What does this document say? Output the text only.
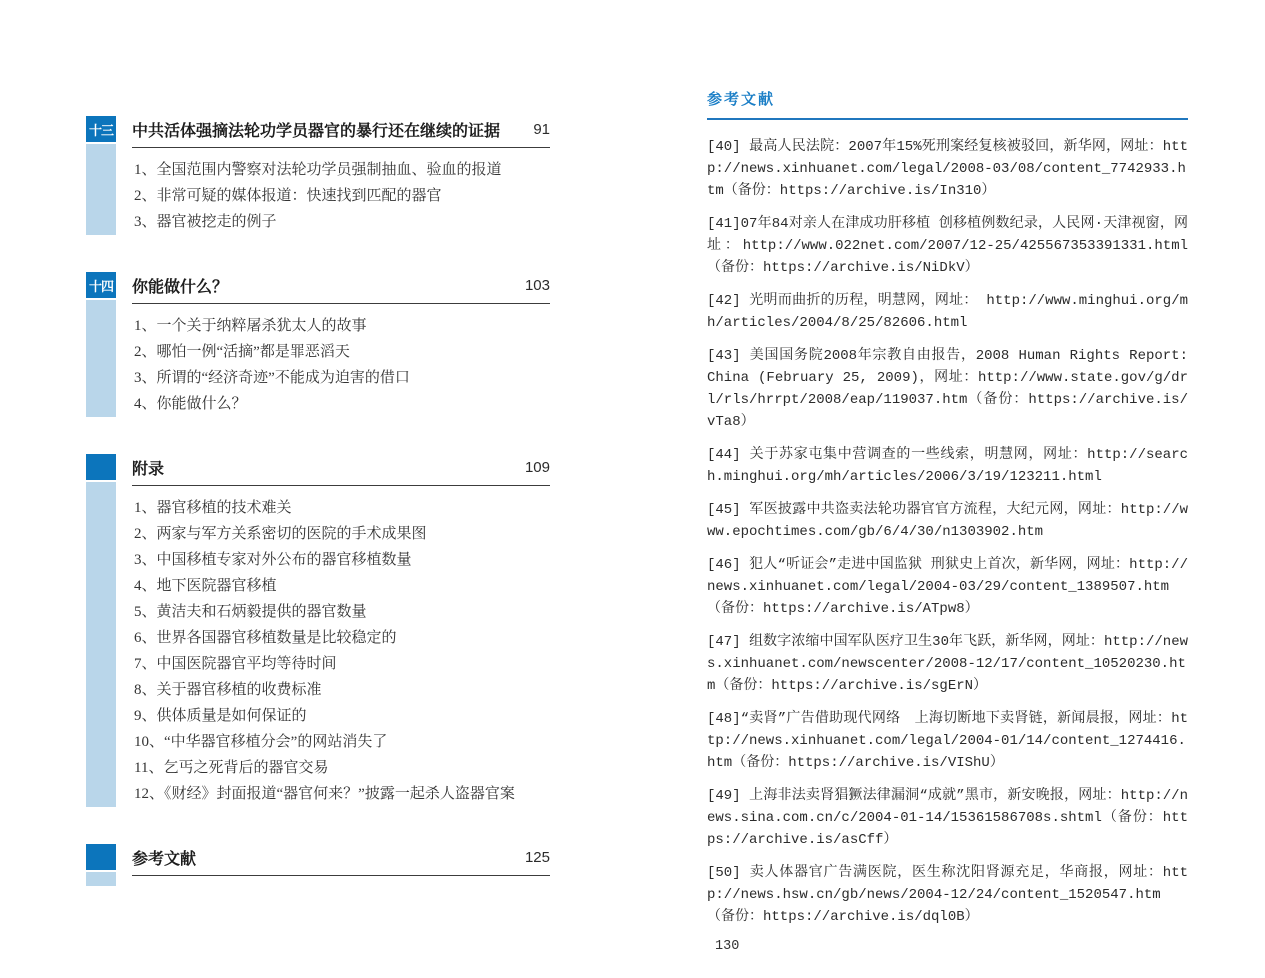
十三 中共活体强摘法轮功学员器官的暴行还在继续的证据 91
1、全国范围内警察对法轮功学员强制抽血、验血的报道
2、非常可疑的媒体报道：快速找到匹配的器官
3、器官被挖走的例子
十四 你能做什么？	103
1、一个关于纳粹屠杀犹太人的故事
2、哪怕一例“活摘”都是罪恶滔天
3、所谓的“经济奇迹”不能成为迫害的借口
4、你能做什么？
附录	109
1、器官移植的技术难关
2、两家与军方关系密切的医院的手术成果图
3、中国移植专家对外公布的器官移植数量
4、地下医院器官移植
5、黄洁夫和石炳毅提供的器官数量
6、世界各国器官移植数量是比较稳定的
7、中国医院器官平均等待时间
8、关于器官移植的收费标准
9、供体质量是如何保证的
10、“中华器官移植分会”的网站消失了
11、乞丐之死背后的器官交易
12、《财经》封面报道“器官何来？”披露一起杀人盗器官案
参考文献	125
参考文献

[40] 最高人民法院：2007年15%死刑案经复核被驳回，新华网，网址：http://news.xinhuanet.com/legal/2008-03/08/content_7742933.htm（备份：https://archive.is/In310）

[41]07年84对亲人在津成功肝移植 创移植例数纪录，人民网·天津视窗，网址：http://www.022net.com/2007/12-25/425567353391331.html（备份：https://archive.is/NiDkV）

[42] 光明而曲折的历程，明慧网，网址： http://www.minghui.org/mh/articles/2004/8/25/82606.html

[43] 美国国务院2008年宗教自由报告，2008 Human Rights Report: China (February 25, 2009)，网址：http://www.state.gov/g/drl/rls/hrrpt/2008/eap/119037.htm（备份：https://archive.is/vTa8）

[44] 关于苏家屯集中营调查的一些线索，明慧网，网址：http://search.minghui.org/mh/articles/2006/3/19/123211.html

[45] 军医披露中共盗卖法轮功器官官方流程，大纪元网，网址：http://www.epochtimes.com/gb/6/4/30/n1303902.htm

[46] 犯人“听证会”走进中国监狱 刑狱史上首次，新华网，网址：http://news.xinhuanet.com/legal/2004-03/29/content_1389507.htm（备份：https://archive.is/ATpw8）

[47] 组数字浓缩中国军队医疗卫生30年飞跃，新华网，网址：http://news.xinhuanet.com/newscenter/2008-12/17/content_10520230.htm（备份：https://archive.is/sgErN）

[48]“卖肾”广告借助现代网络　上海切断地下卖肾链，新闻晨报，网址：http://news.xinhuanet.com/legal/2004-01/14/content_1274416.htm（备份：https://archive.is/VIShU）

[49] 上海非法卖肾猖獗法律漏洞“成就”黑市，新安晚报，网址：http://news.sina.com.cn/c/2004-01-14/15361586708s.shtml（备份：https://archive.is/asCff）

[50] 卖人体器官广告满医院，医生称沈阳肾源充足，华商报，网址：http://news.hsw.cn/gb/news/2004-12/24/content_1520547.htm（备份：https://archive.is/dql0B）

130
